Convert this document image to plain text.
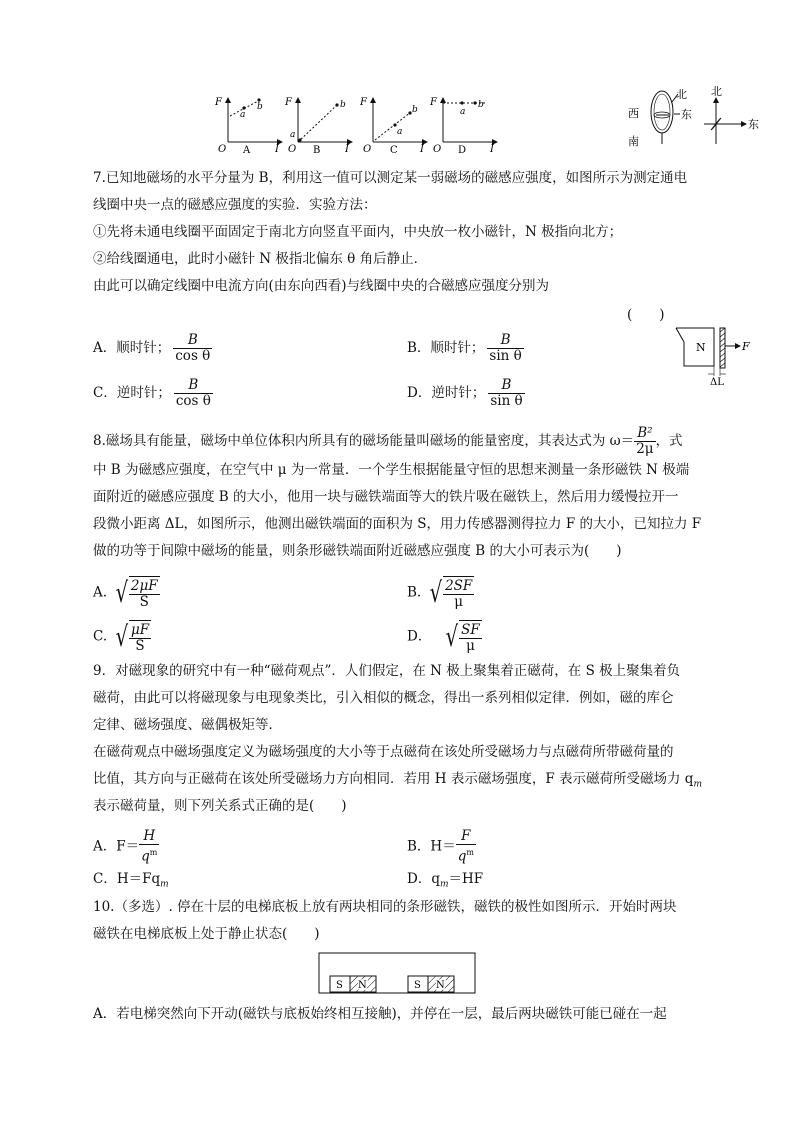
F
a
b
O A I
F
a
b
O B I
F
a
b
O C I
F
a
b
O D I
北
西	东
南
北
东
7.已知地磁场的水平分量为 B，利用这一值可以测定某一弱磁场的磁感应强度，如图所示为测定通电
线圈中央一点的磁感应强度的实验．实验方法：
①先将未通电线圈平面固定于南北方向竖直平面内，中央放一枚小磁针，N 极指向北方；
②给线圈通电，此时小磁针 N 极指北偏东 θ 角后静止．
由此可以确定线圈中电流方向(由东向西看)与线圈中央的合磁感应强度分别为
(　　)
A．顺时针； $\frac{B}{\text{cos θ}}$	B．顺时针； $\frac{B}{\text{sin θ}}$
C．逆时针； $\frac{B}{\text{cos θ}}$	D．逆时针； $\frac{B}{\text{sin θ}}$
N	F
ΔL
8.磁场具有能量，磁场中单位体积内所具有的磁场能量叫磁场的能量密度，其表达式为 $\omega= \frac{\text{B²}}{2\mu}$ ，式
中 B 为磁感应强度，在空气中 μ 为一常量．一个学生根据能量守恒的思想来测量一条形磁铁 N 极端
面附近的磁感应强度 B 的大小，他用一块与磁铁端面等大的铁片吸在磁铁上，然后用力缓慢拉开一
段微小距离 ΔL，如图所示，他测出磁铁端面的面积为 S，用力传感器测得拉力 F 的大小，已知拉力 F
做的功等于间隙中磁场的能量，则条形磁铁端面附近磁感应强度 B 的大小可表示为(　　)
A. √ $\frac{2\mu F}{S}$	B. √ $\frac{2SF}{\mu}$
C. √ $\frac{\mu F}{S}$	D． √ $\frac{SF}{\mu}$
9．对磁现象的研究中有一种“磁荷观点”．人们假定，在 N 极上聚集着正磁荷，在 S 极上聚集着负
磁荷，由此可以将磁现象与电现象类比，引入相似的概念，得出一系列相似定律．例如，磁的库仑
定律、磁场强度、磁偶极矩等．
在磁荷观点中磁场强度定义为磁场强度的大小等于点磁荷在该处所受磁场力与点磁荷所带磁荷量的
比值，其方向与正磁荷在该处所受磁场力方向相同．若用 H 表示磁场强度，F 表示磁荷所受磁场力 $q_m$
表示磁荷量，则下列关系式正确的是(　　)
A．$F= \frac{H}{q^m}$	B．$H= \frac{F}{q^m}$
C．$H=Fq_m$	D．$q_m=HF$
10.（多选）. 停在十层的电梯底板上放有两块相同的条形磁铁，磁铁的极性如图所示．开始时两块
磁铁在电梯底板上处于静止状态(　　)
S N	S N
A．若电梯突然向下开动(磁铁与底板始终相互接触)，并停在一层，最后两块磁铁可能已碰在一起
